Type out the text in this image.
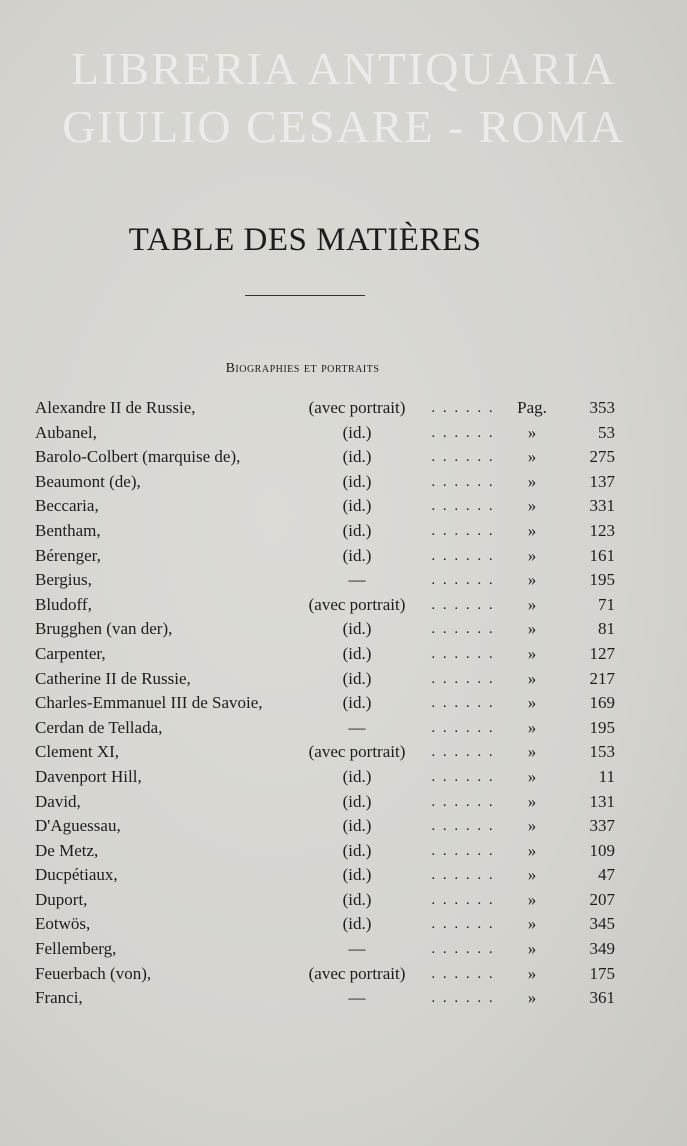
LIBRERIA ANTIQUARIA
GIULIO CESARE - ROMA
TABLE DES MATIÈRES
Biographies et portraits
Alexandre II de Russie,	(avec portrait)	. . . . . .	Pag.	353
Aubanel,	(id.)	. . . . . .	»	53
Barolo-Colbert (marquise de),	(id.)	. . . . . .	»	275
Beaumont (de),	(id.)	. . . . . .	»	137
Beccaria,	(id.)	. . . . . .	»	331
Bentham,	(id.)	. . . . . .	»	123
Bérenger,	(id.)	. . . . . .	»	161
Bergius,	—	. . . . . .	»	195
Bludoff,	(avec portrait)	. . . . . .	»	71
Brugghen (van der),	(id.)	. . . . . .	»	81
Carpenter,	(id.)	. . . . . .	»	127
Catherine II de Russie,	(id.)	. . . . . .	»	217
Charles-Emmanuel III de Savoie,	(id.)	. . . . . .	»	169
Cerdan de Tellada,	—	. . . . . .	»	195
Clement XI,	(avec portrait)	. . . . . .	»	153
Davenport Hill,	(id.)	. . . . . .	»	11
David,	(id.)	. . . . . .	»	131
D'Aguessau,	(id.)	. . . . . .	»	337
De Metz,	(id.)	. . . . . .	»	109
Ducpétiaux,	(id.)	. . . . . .	»	47
Duport,	(id.)	. . . . . .	»	207
Eotwös,	(id.)	. . . . . .	»	345
Fellemberg,	—	. . . . . .	»	349
Feuerbach (von),	(avec portrait)	. . . . . .	»	175
Franci,	—	. . . . . .	»	361
